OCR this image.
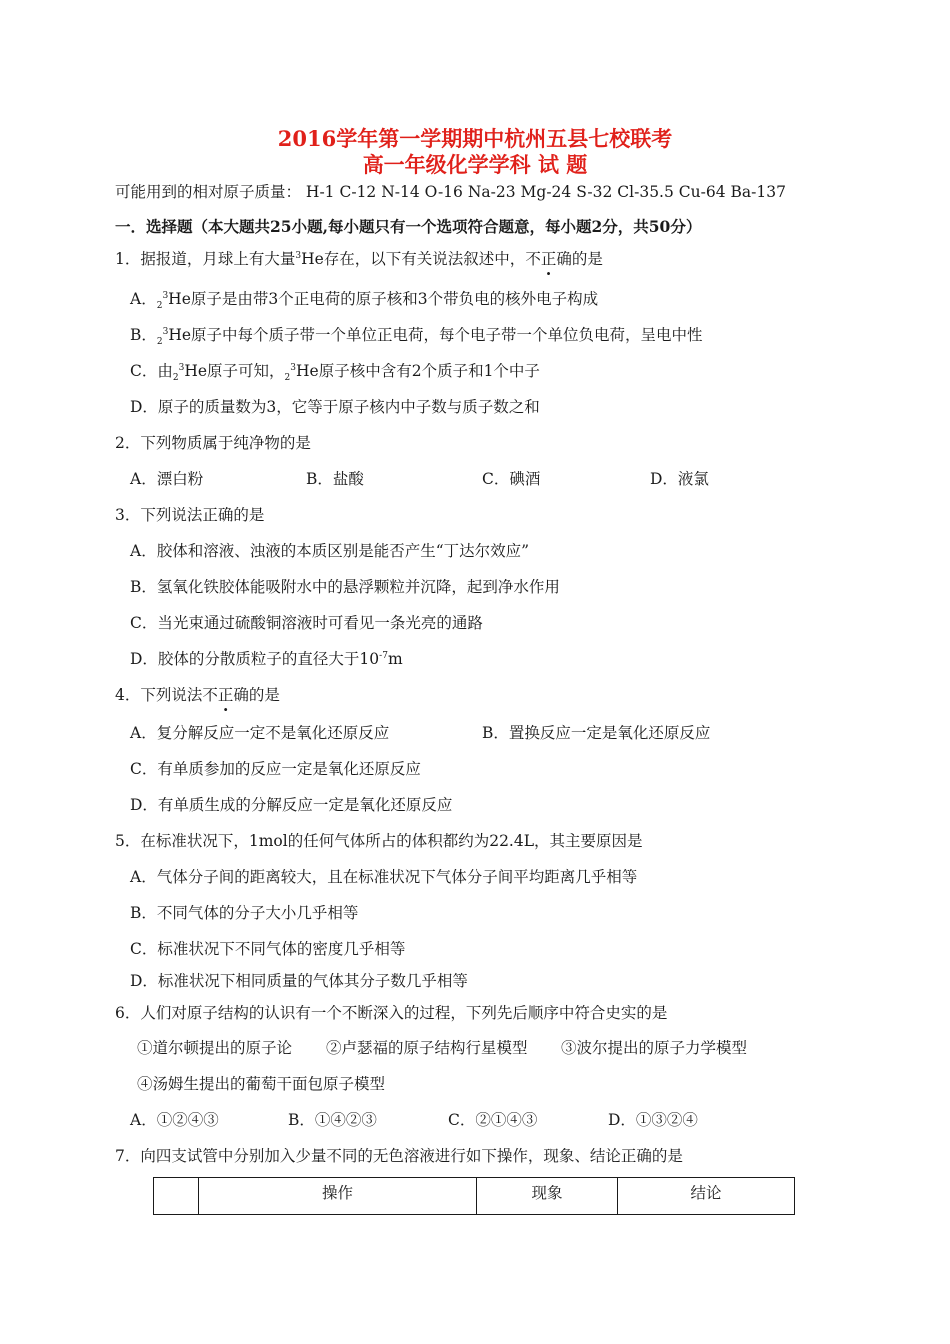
2016学年第一学期期中杭州五县七校联考
高一年级化学学科 试 题
可能用到的相对原子质量： H-1 C-12 N-14 O-16 Na-23 Mg-24 S-32 Cl-35.5 Cu-64 Ba-137
一．选择题（本大题共25小题,每小题只有一个选项符合题意，每小题2分，共50分）
1．据报道，月球上有大量$^3$He存在，以下有关说法叙述中，不正确的是
A．$_2^3$He原子是由带3个正电荷的原子核和3个带负电的核外电子构成
B．$_2^3$He原子中每个质子带一个单位正电荷，每个电子带一个单位负电荷，呈电中性
C．由$_2^3$He原子可知，$_2^3$He原子核中含有2个质子和1个中子
D．原子的质量数为3，它等于原子核内中子数与质子数之和
2．下列物质属于纯净物的是
A．漂白粉	B．盐酸	C．碘酒	D．液氯
3．下列说法正确的是
A．胶体和溶液、浊液的本质区别是能否产生“丁达尔效应”
B．氢氧化铁胶体能吸附水中的悬浮颗粒并沉降，起到净水作用
C．当光束通过硫酸铜溶液时可看见一条光亮的通路
D．胶体的分散质粒子的直径大于$10^{-7}m$
4．下列说法不正确的是
A．复分解反应一定不是氧化还原反应	B．置换反应一定是氧化还原反应
C．有单质参加的反应一定是氧化还原反应
D．有单质生成的分解反应一定是氧化还原反应
5．在标准状况下，1mol的任何气体所占的体积都约为22.4L，其主要原因是
A．气体分子间的距离较大，且在标准状况下气体分子间平均距离几乎相等
B．不同气体的分子大小几乎相等
C．标准状况下不同气体的密度几乎相等
D．标准状况下相同质量的气体其分子数几乎相等
6．人们对原子结构的认识有一个不断深入的过程，下列先后顺序中符合史实的是
①道尔顿提出的原子论 ②卢瑟福的原子结构行星模型 ③波尔提出的原子力学模型
④汤姆生提出的葡萄干面包原子模型
A．①②④③	B．①④②③	C．②①④③	D．①③②④
7．向四支试管中分别加入少量不同的无色溶液进行如下操作，现象、结论正确的是
	操作	现象	结论
